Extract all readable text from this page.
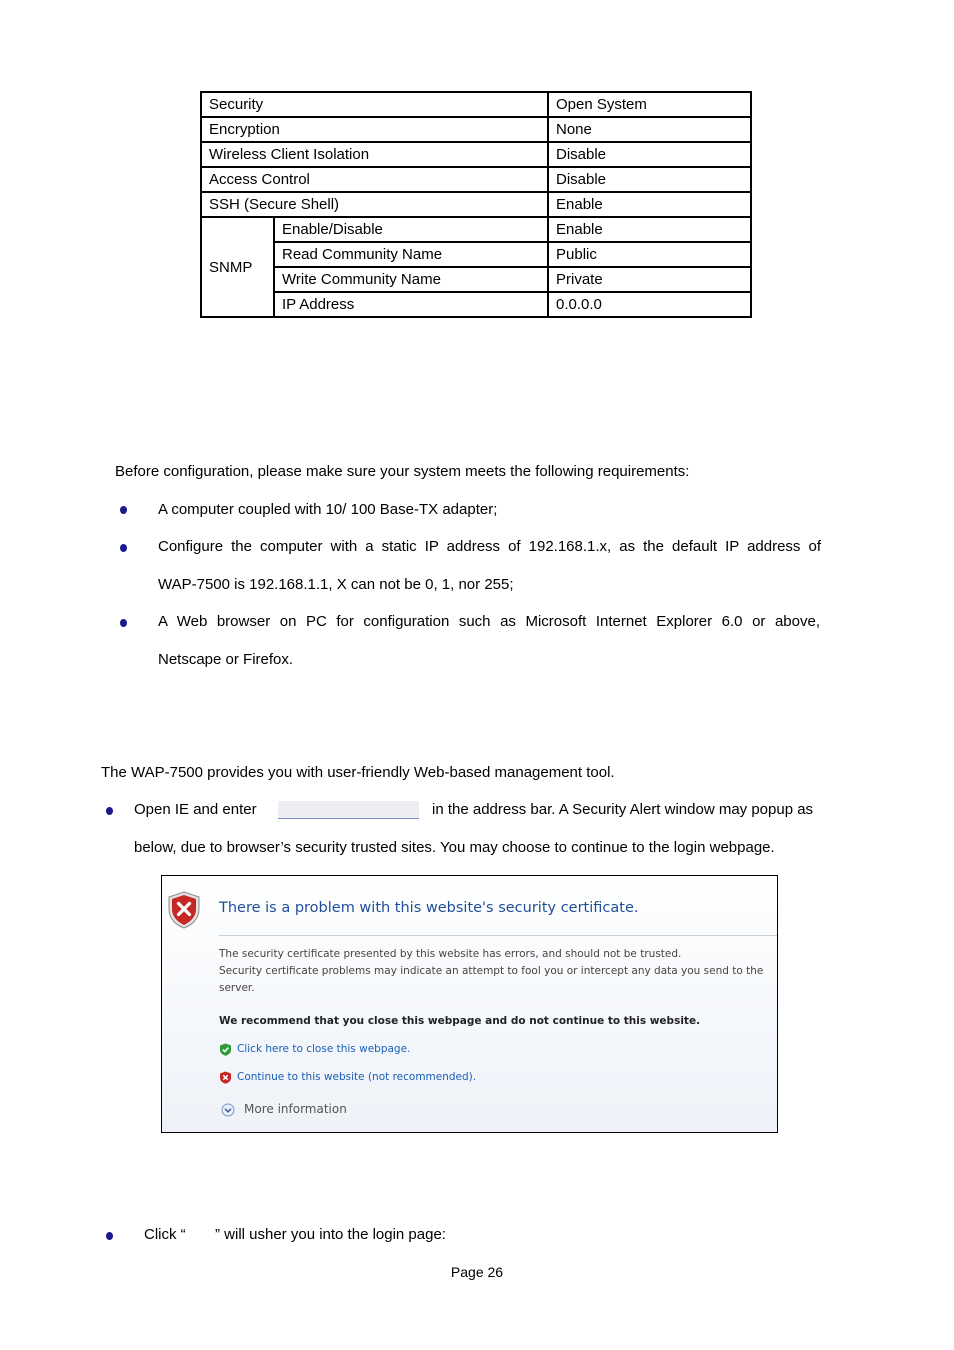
Security		Open System
Encryption		None
Wireless Client Isolation		Disable
Access Control		Disable
SSH (Secure Shell)		Enable
SNMP	Enable/Disable	Enable
	Read Community Name	Public
	Write Community Name	Private
	IP Address	0.0.0.0
Before configuration, please make sure your system meets the following requirements:
A computer coupled with 10/ 100 Base-TX adapter;
Configure the computer with a static IP address of 192.168.1.x, as the default IP address of
WAP-7500 is 192.168.1.1, X can not be 0, 1, nor 255;
A Web browser on PC for configuration such as Microsoft Internet Explorer 6.0 or above,
Netscape or Firefox.
The WAP-7500 provides you with user-friendly Web-based management tool.
Open IE and enter	in the address bar. A Security Alert window may popup as
below, due to browser’s security trusted sites. You may choose to continue to the login webpage.
There is a problem with this website's security certificate.
The security certificate presented by this website has errors, and should not be trusted.
Security certificate problems may indicate an attempt to fool you or intercept any data you send to the
server.
We recommend that you close this webpage and do not continue to this website.
Click here to close this webpage.
Continue to this website (not recommended).
More information
Click “ ” will usher you into the login page:
Page 26
